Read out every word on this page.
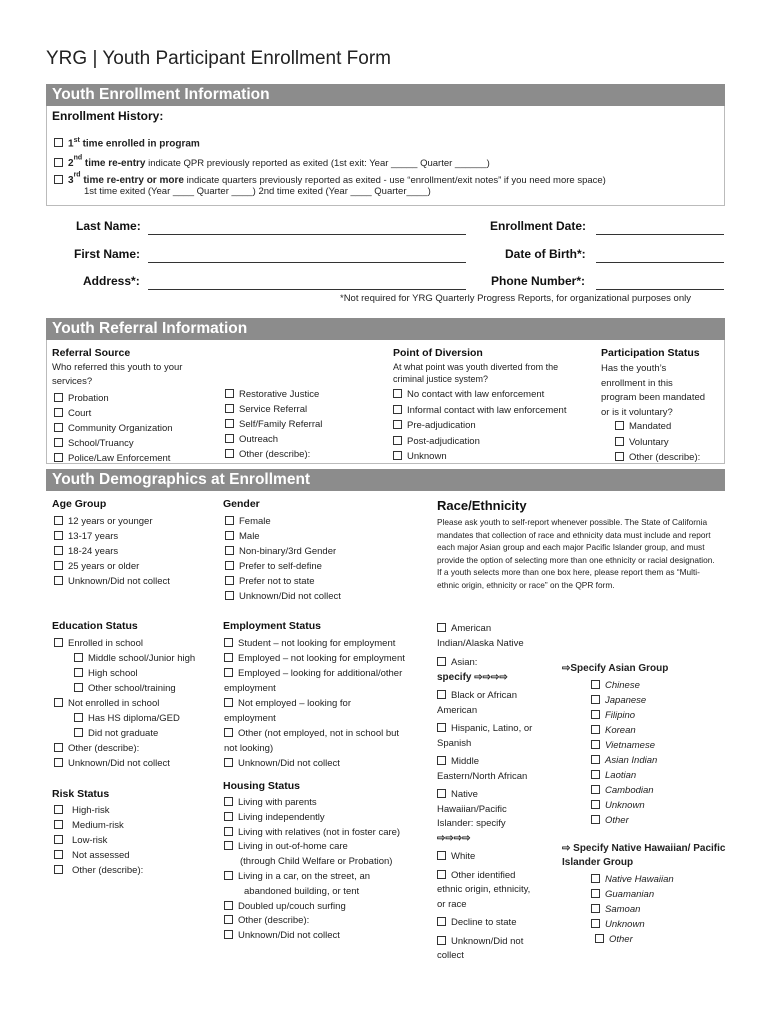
YRG | Youth Participant Enrollment Form
Youth Enrollment Information
Enrollment History:
1st time enrolled in program
2nd time re-entry indicate QPR previously reported as exited (1st exit: Year _____ Quarter ______)
3rd time re-entry or more indicate quarters previously reported as exited - use “enrollment/exit notes” if you need more space)
1st time exited (Year ____ Quarter ____) 2nd time exited (Year ____ Quarter____)
Last Name:
First Name:
Address*:
Enrollment Date:
Date of Birth*:
Phone Number*:
*Not required for YRG Quarterly Progress Reports, for organizational purposes only
Youth Referral Information
Referral Source
Who referred this youth to your
services?
Probation
Court
Community Organization
School/Truancy
Police/Law Enforcement
Restorative Justice
Service Referral
Self/Family Referral
Outreach
Other (describe):
Point of Diversion
At what point was youth diverted from the
criminal justice system?
No contact with law enforcement
Informal contact with law enforcement
Pre-adjudication
Post-adjudication
Unknown
Participation Status
Has the youth’s
enrollment in this
program been mandated
or is it voluntary?
Mandated
Voluntary
Other (describe):
Youth Demographics at Enrollment
Age Group
12 years or younger
13-17 years
18-24 years
25 years or older
Unknown/Did not collect
Gender
Female
Male
Non-binary/3rd Gender
Prefer to self-define
Prefer not to state
Unknown/Did not collect
Race/Ethnicity
Please ask youth to self-report whenever possible. The State of California mandates that collection of race and ethnicity data must include and report each major Asian group and each major Pacific Islander group, and must provide the option of selecting more than one ethnicity or racial designation. If a youth selects more than one box here, please report them as “Multi-ethnic origin, ethnicity or race” on the QPR form.
Education Status
Enrolled in school
Middle school/Junior high
High school
Other school/training
Not enrolled in school
Has HS diploma/GED
Did not graduate
Other (describe):
Unknown/Did not collect
Risk Status
High-risk
Medium-risk
Low-risk
Not assessed
Other (describe):
Employment Status
Student – not looking for employment
Employed – not looking for employment
Employed – looking for additional/other
employment
Not employed – looking for
employment
Other (not employed, not in school but
not looking)
Unknown/Did not collect
Housing Status
Living with parents
Living independently
Living with relatives (not in foster care)
Living in out-of-home care
(through Child Welfare or Probation)
Living in a car, on the street, an
abandoned building, or tent
Doubled up/couch surfing
Other (describe):
Unknown/Did not collect
American
Indian/Alaska Native
Asian:
specify ⇨⇨⇨⇨
Black or African
American
Hispanic, Latino, or
Spanish
Middle
Eastern/North African
Native
Hawaiian/Pacific
Islander: specify
⇨⇨⇨⇨
White
Other identified
ethnic origin, ethnicity,
or race
Decline to state
Unknown/Did not
collect
⇨Specify Asian Group
Chinese
Japanese
Filipino
Korean
Vietnamese
Asian Indian
Laotian
Cambodian
Unknown
Other
⇨ Specify Native Hawaiian/ Pacific
Islander Group
Native Hawaiian
Guamanian
Samoan
Unknown
Other
